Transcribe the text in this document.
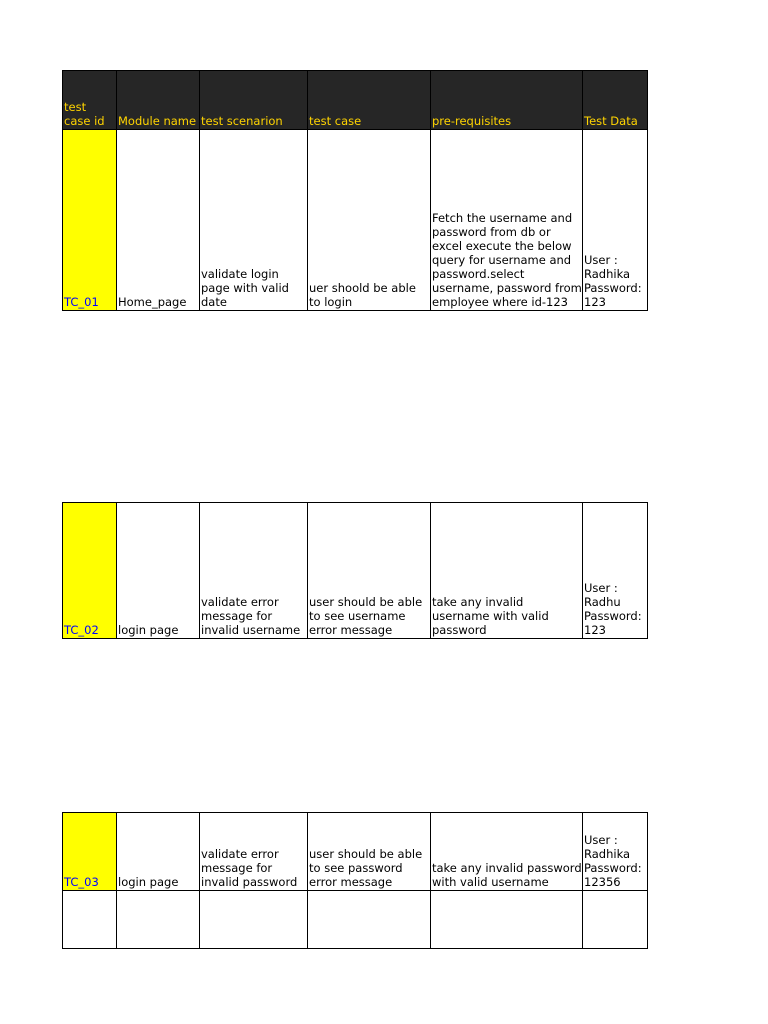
test case id	Module name	test scenarion	test case	pre-requisites	Test Data
TC_01	Home_page	validate login page with valid date	uer shoold be able to login	Fetch the username and password from db or excel execute the below query for username and password.select username, password from employee where id-123	User :
Radhika
Password:
123
TC_02	login page	validate error message for invalid username	user should be able to see username error message	take any invalid username with valid password	User :
Radhu
Password:
123
TC_03	login page	validate error message for invalid password	user should be able to see password error message	take any invalid password with valid username	User :
Radhika
Password:
12356
